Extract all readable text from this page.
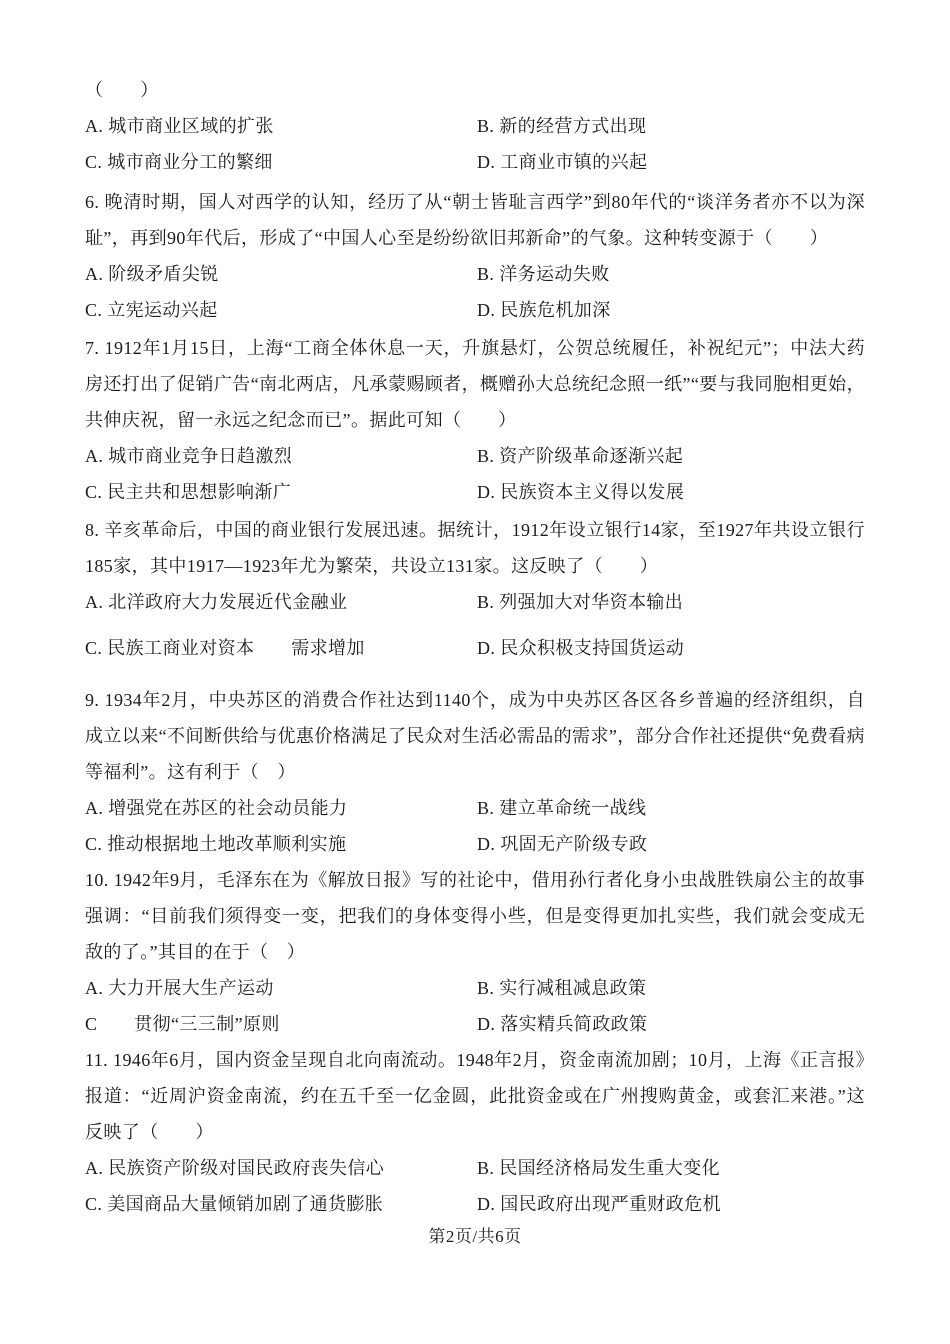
（　　）

A. 城市商业区域的扩张	B. 新的经营方式出现
C. 城市商业分工的繁细	D. 工商业市镇的兴起

6. 晚清时期，国人对西学的认知，经历了从“朝士皆耻言西学”到80年代的“谈洋务者亦不以为深耻”，再到90年代后，形成了“中国人心至是纷纷欲旧邦新命”的气象。这种转变源于（　　）

A. 阶级矛盾尖锐	B. 洋务运动失败
C. 立宪运动兴起	D. 民族危机加深

7. 1912年1月15日，上海“工商全体休息一天，升旗悬灯，公贺总统履任，补祝纪元”；中法大药房还打出了促销广告“南北两店，凡承蒙赐顾者，概赠孙大总统纪念照一纸”“要与我同胞相更始，共伸庆祝，留一永远之纪念而已”。据此可知（　　）

A. 城市商业竞争日趋激烈	B. 资产阶级革命逐渐兴起
C. 民主共和思想影响渐广	D. 民族资本主义得以发展

8. 辛亥革命后，中国的商业银行发展迅速。据统计，1912年设立银行14家，至1927年共设立银行185家，其中1917—1923年尤为繁荣，共设立131家。这反映了（　　）

A. 北洋政府大力发展近代金融业	B. 列强加大对华资本输出
C. 民族工商业对资本　　需求增加	D. 民众积极支持国货运动

9. 1934年2月，中央苏区的消费合作社达到1140个，成为中央苏区各区各乡普遍的经济组织，自成立以来“不间断供给与优惠价格满足了民众对生活必需品的需求”，部分合作社还提供“免费看病等福利”。这有利于（　）

A. 增强党在苏区的社会动员能力	B. 建立革命统一战线
C. 推动根据地土地改革顺利实施	D. 巩固无产阶级专政

10. 1942年9月，毛泽东在为《解放日报》写的社论中，借用孙行者化身小虫战胜铁扇公主的故事强调：“目前我们须得变一变，把我们的身体变得小些，但是变得更加扎实些，我们就会变成无敌的了。”其目的在于（　）

A. 大力开展大生产运动	B. 实行减租减息政策
C　　贯彻“三三制”原则	D. 落实精兵简政政策

11. 1946年6月，国内资金呈现自北向南流动。1948年2月，资金南流加剧；10月，上海《正言报》报道：“近周沪资金南流，约在五千至一亿金圆，此批资金或在广州搜购黄金，或套汇来港。”这反映了（　　）

A. 民族资产阶级对国民政府丧失信心	B. 民国经济格局发生重大变化
C. 美国商品大量倾销加剧了通货膨胀	D. 国民政府出现严重财政危机
第2页/共6页
